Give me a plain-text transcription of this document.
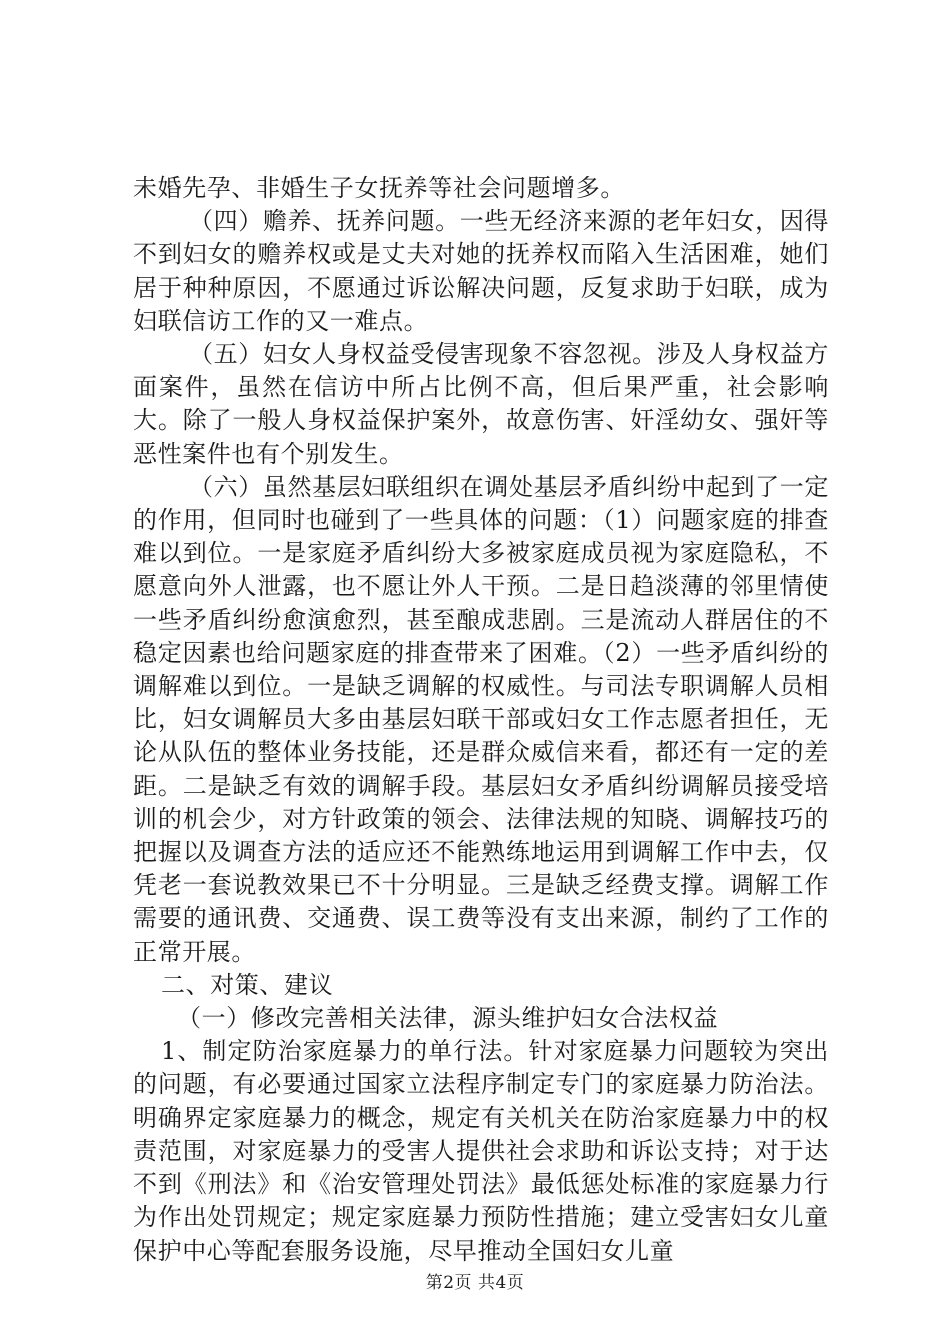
未婚先孕、非婚生子女抚养等社会问题增多。

（四）赡养、抚养问题。一些无经济来源的老年妇女，因得不到妇女的赡养权或是丈夫对她的抚养权而陷入生活困难，她们居于种种原因，不愿通过诉讼解决问题，反复求助于妇联，成为妇联信访工作的又一难点。

（五）妇女人身权益受侵害现象不容忽视。涉及人身权益方面案件，虽然在信访中所占比例不高，但后果严重，社会影响大。除了一般人身权益保护案外，故意伤害、奸淫幼女、强奸等恶性案件也有个别发生。

（六）虽然基层妇联组织在调处基层矛盾纠纷中起到了一定的作用，但同时也碰到了一些具体的问题：（1）问题家庭的排查难以到位。一是家庭矛盾纠纷大多被家庭成员视为家庭隐私，不愿意向外人泄露，也不愿让外人干预。二是日趋淡薄的邻里情使一些矛盾纠纷愈演愈烈，甚至酿成悲剧。三是流动人群居住的不稳定因素也给问题家庭的排查带来了困难。（2）一些矛盾纠纷的调解难以到位。一是缺乏调解的权威性。与司法专职调解人员相比，妇女调解员大多由基层妇联干部或妇女工作志愿者担任，无论从队伍的整体业务技能，还是群众威信来看，都还有一定的差距。二是缺乏有效的调解手段。基层妇女矛盾纠纷调解员接受培训的机会少，对方针政策的领会、法律法规的知晓、调解技巧的把握以及调查方法的适应还不能熟练地运用到调解工作中去，仅凭老一套说教效果已不十分明显。三是缺乏经费支撑。调解工作需要的通讯费、交通费、误工费等没有支出来源，制约了工作的正常开展。

二、对策、建议

（一）修改完善相关法律，源头维护妇女合法权益

1、制定防治家庭暴力的单行法。针对家庭暴力问题较为突出的问题，有必要通过国家立法程序制定专门的家庭暴力防治法。明确界定家庭暴力的概念，规定有关机关在防治家庭暴力中的权责范围，对家庭暴力的受害人提供社会求助和诉讼支持；对于达不到《刑法》和《治安管理处罚法》最低惩处标准的家庭暴力行为作出处罚规定；规定家庭暴力预防性措施；建立受害妇女儿童保护中心等配套服务设施，尽早推动全国妇女儿童

第2页 共4页
